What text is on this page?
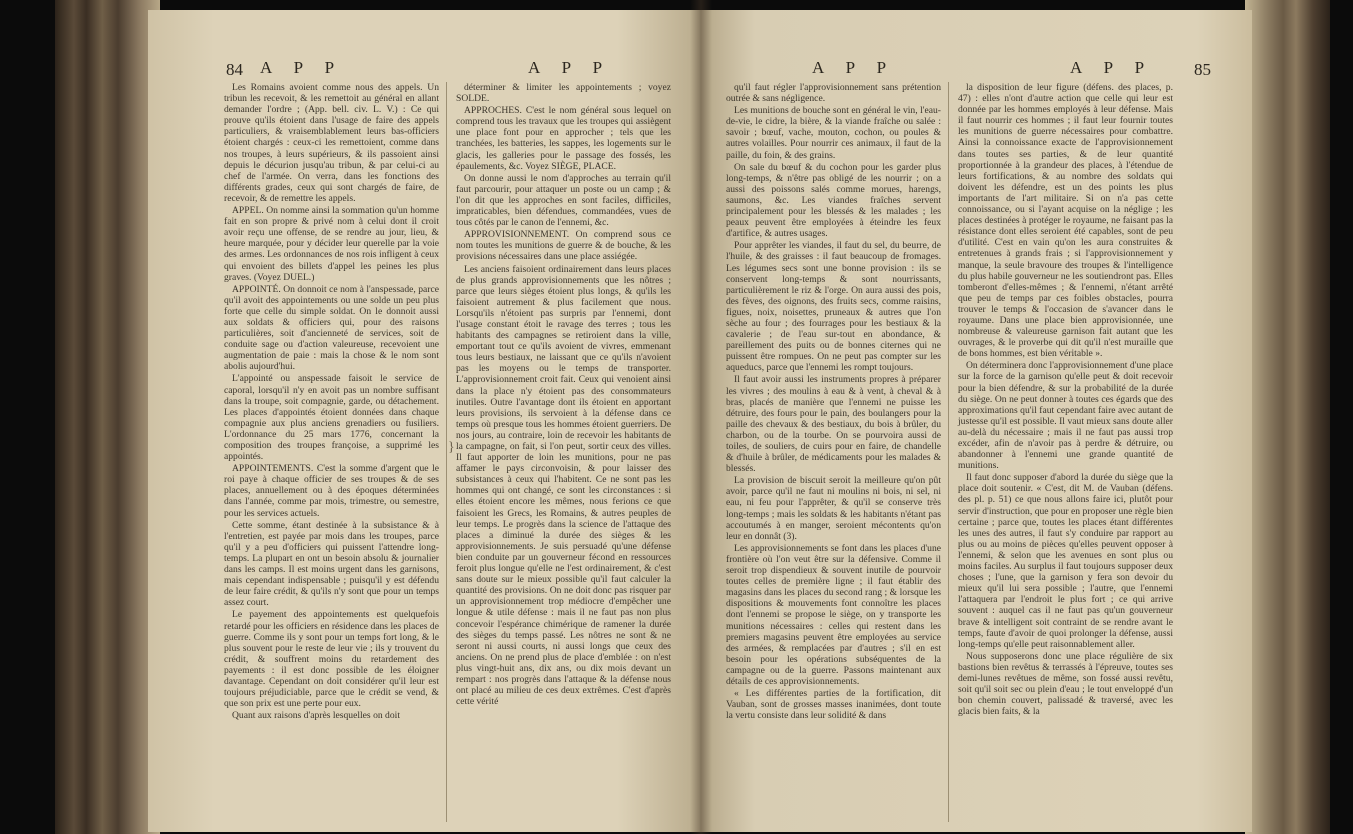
84 A P P	A P P

Les Romains avoient comme nous des appels. Un tribun les recevoit, & les remettoit au général en allant demander l'ordre ; (App. bell. civ. L. V.) : Ce qui prouve qu'ils étoient dans l'usage de faire des appels particuliers, & vraisemblablement leurs bas-officiers étoient chargés : ceux-ci les remettoient, comme dans nos troupes, à leurs supérieurs, & ils passoient ainsi depuis le décurion jusqu'au tribun, & par celui-ci au chef de l'armée. On verra, dans les fonctions des différents grades, ceux qui sont chargés de faire, de recevoir, & de remettre les appels.

APPEL. On nomme ainsi la sommation qu'un homme fait en son propre & privé nom à celui dont il croit avoir reçu une offense, de se rendre au jour, lieu, & heure marquée, pour y décider leur querelle par la voie des armes. Les ordonnances de nos rois infligent à ceux qui envoient des billets d'appel les peines les plus graves. (Voyez DUEL.)

APPOINTÉ. On donnoit ce nom à l'anspessade, parce qu'il avoit des appointements ou une solde un peu plus forte que celle du simple soldat. On le donnoit aussi aux soldats & officiers qui, pour des raisons particulières, soit d'ancienneté de services, soit de conduite sage ou d'action valeureuse, recevoient une augmentation de paie : mais la chose & le nom sont abolis aujourd'hui.

L'appointé ou anspessade faisoit le service de caporal, lorsqu'il n'y en avoit pas un nombre suffisant dans la troupe, soit compagnie, garde, ou détachement. Les places d'appointés étoient données dans chaque compagnie aux plus anciens grenadiers ou fusiliers. L'ordonnance du 25 mars 1776, concernant la composition des troupes françoise, a supprimé les appointés.

APPOINTEMENTS. C'est la somme d'argent que le roi paye à chaque officier de ses troupes & de ses places, annuellement ou à des époques déterminées dans l'année, comme par mois, trimestre, ou semestre, pour les services actuels.

Cette somme, étant destinée à la subsistance & à l'entretien, est payée par mois dans les troupes, parce qu'il y a peu d'officiers qui puissent l'attendre long-temps. La plupart en ont un besoin absolu & journalier dans les camps. Il est moins urgent dans les garnisons, mais cependant indispensable ; puisqu'il y est défendu de leur faire crédit, & qu'ils n'y sont que pour un temps assez court.

Le payement des appointements est quelquefois retardé pour les officiers en résidence dans les places de guerre. Comme ils y sont pour un temps fort long, & le plus souvent pour le reste de leur vie ; ils y trouvent du crédit, & souffrent moins du retardement des payements : il est donc possible de les éloigner davantage. Cependant on doit considérer qu'il leur est toujours préjudiciable, parce que le crédit se vend, & que son prix est une perte pour eux.

Quant aux raisons d'après lesquelles on doit

}

déterminer & limiter les appointements ; voyez SOLDE.

APPROCHES. C'est le nom général sous lequel on comprend tous les travaux que les troupes qui assiègent une place font pour en approcher ; tels que les tranchées, les batteries, les sappes, les logements sur le glacis, les galleries pour le passage des fossés, les épaulements, &c. Voyez SIÈGE, PLACE.

On donne aussi le nom d'approches au terrain qu'il faut parcourir, pour attaquer un poste ou un camp ; & l'on dit que les approches en sont faciles, difficiles, impraticables, bien défendues, commandées, vues de tous côtés par le canon de l'ennemi, &c.

APPROVISIONNEMENT. On comprend sous ce nom toutes les munitions de guerre & de bouche, & les provisions nécessaires dans une place assiégée.

Les anciens faisoient ordinairement dans leurs places de plus grands approvisionnements que les nôtres ; parce que leurs sièges étoient plus longs, & qu'ils les faisoient autrement & plus facilement que nous. Lorsqu'ils n'étoient pas surpris par l'ennemi, dont l'usage constant étoit le ravage des terres ; tous les habitants des campagnes se retiroient dans la ville, emportant tout ce qu'ils avoient de vivres, emmenant tous leurs bestiaux, ne laissant que ce qu'ils n'avoient pas les moyens ou le temps de transporter. L'approvisionnement croit fait. Ceux qui venoient ainsi dans la place n'y étoient pas des consommateurs inutiles. Outre l'avantage dont ils étoient en apportant leurs provisions, ils servoient à la défense dans ce temps où presque tous les hommes étoient guerriers. De nos jours, au contraire, loin de recevoir les habitants de la campagne, on fait, si l'on peut, sortir ceux des villes. Il faut apporter de loin les munitions, pour ne pas affamer le pays circonvoisin, & pour laisser des subsistances à ceux qui l'habitent. Ce ne sont pas les hommes qui ont changé, ce sont les circonstances : si elles étoient encore les mêmes, nous ferions ce que faisoient les Grecs, les Romains, & autres peuples de leur temps. Le progrès dans la science de l'attaque des places a diminué la durée des sièges & les approvisionnements. Je suis persuadé qu'une défense bien conduite par un gouverneur fécond en ressources feroit plus longue qu'elle ne l'est ordinairement, & c'est sans doute sur le mieux possible qu'il faut calculer la quantité des provisions. On ne doit donc pas risquer par un approvisionnement trop médiocre d'empêcher une longue & utile défense : mais il ne faut pas non plus concevoir l'espérance chimérique de ramener la durée des sièges du temps passé. Les nôtres ne sont & ne seront ni aussi courts, ni aussi longs que ceux des anciens. On ne prend plus de place d'emblée : on n'est plus vingt-huit ans, dix ans, ou dix mois devant un rempart : nos progrès dans l'attaque & la défense nous ont placé au milieu de ces deux extrêmes. C'est d'après cette vérité

A P P	A P P 85

qu'il faut régler l'approvisionnement sans prétention outrée & sans négligence.

Les munitions de bouche sont en général le vin, l'eau-de-vie, le cidre, la bière, & la viande fraîche ou salée : savoir ; bœuf, vache, mouton, cochon, ou poules & autres volailles. Pour nourrir ces animaux, il faut de la paille, du foin, & des grains.

On sale du bœuf & du cochon pour les garder plus long-temps, & n'être pas obligé de les nourrir ; on a aussi des poissons salés comme morues, harengs, saumons, &c. Les viandes fraîches servent principalement pour les blessés & les malades ; les peaux peuvent être employées à éteindre les feux d'artifice, & autres usages.

Pour apprêter les viandes, il faut du sel, du beurre, de l'huile, & des graisses : il faut beaucoup de fromages. Les légumes secs sont une bonne provision : ils se conservent long-temps & sont nourrissants, particulièrement le riz & l'orge. On aura aussi des pois, des fèves, des oignons, des fruits secs, comme raisins, figues, noix, noisettes, pruneaux & autres que l'on sèche au four ; des fourrages pour les bestiaux & la cavalerie ; de l'eau sur-tout en abondance, & pareillement des puits ou de bonnes citernes qui ne puissent être rompues. On ne peut pas compter sur les aqueducs, parce que l'ennemi les rompt toujours.

Il faut avoir aussi les instruments propres à préparer les vivres ; des moulins à eau & à vent, à cheval & à bras, placés de manière que l'ennemi ne puisse les détruire, des fours pour le pain, des boulangers pour la paille des chevaux & des bestiaux, du bois à brûler, du charbon, ou de la tourbe. On se pourvoira aussi de toiles, de souliers, de cuirs pour en faire, de chandelle & d'huile à brûler, de médicaments pour les malades & blessés.

La provision de biscuit seroit la meilleure qu'on pût avoir, parce qu'il ne faut ni moulins ni bois, ni sel, ni eau, ni feu pour l'apprêter, & qu'il se conserve très long-temps ; mais les soldats & les habitants n'étant pas accoutumés à en manger, seroient mécontents qu'on leur en donnât (3).

Les approvisionnements se font dans les places d'une frontière où l'on veut être sur la défensive. Comme il seroit trop dispendieux & souvent inutile de pourvoir toutes celles de première ligne ; il faut établir des magasins dans les places du second rang ; & lorsque les dispositions & mouvements font connoître les places dont l'ennemi se propose le siège, on y transporte les munitions nécessaires : celles qui restent dans les premiers magasins peuvent être employées au service des armées, & remplacées par d'autres ; s'il en est besoin pour les opérations subséquentes de la campagne ou de la guerre. Passons maintenant aux détails de ces approvisionnements.

« Les différentes parties de la fortification, dit Vauban, sont de grosses masses inanimées, dont toute la vertu consiste dans leur solidité & dans

la disposition de leur figure (défens. des places, p. 47) : elles n'ont d'autre action que celle qui leur est donnée par les hommes employés à leur défense. Mais il faut nourrir ces hommes ; il faut leur fournir toutes les munitions de guerre nécessaires pour combattre. Ainsi la connoissance exacte de l'approvisionnement dans toutes ses parties, & de leur quantité proportionnée à la grandeur des places, à l'étendue de leurs fortifications, & au nombre des soldats qui doivent les défendre, est un des points les plus importants de l'art militaire. Si on n'a pas cette connoissance, ou si l'ayant acquise on la néglige ; les places destinées à protéger le royaume, ne faisant pas la résistance dont elles seroient été capables, sont de peu d'utilité. C'est en vain qu'on les aura construites & entretenues à grands frais ; si l'approvisionnement y manque, la seule bravoure des troupes & l'intelligence du plus habile gouverneur ne les soutiendront pas. Elles tomberont d'elles-mêmes ; & l'ennemi, n'étant arrêté que peu de temps par ces foibles obstacles, pourra trouver le temps & l'occasion de s'avancer dans le royaume. Dans une place bien approvisionnée, une nombreuse & valeureuse garnison fait autant que les ouvrages, & le proverbe qui dit qu'il n'est muraille que de bons hommes, est bien véritable ».

On déterminera donc l'approvisionnement d'une place sur la force de la garnison qu'elle peut & doit recevoir pour la bien défendre, & sur la probabilité de la durée du siège. On ne peut donner à toutes ces égards que des approximations qu'il faut cependant faire avec autant de justesse qu'il est possible. Il vaut mieux sans doute aller au-delà du nécessaire ; mais il ne faut pas aussi trop excéder, afin de n'avoir pas à perdre & détruire, ou abandonner à l'ennemi une grande quantité de munitions.

Il faut donc supposer d'abord la durée du siège que la place doit soutenir. « C'est, dit M. de Vauban (défens. des pl. p. 51) ce que nous allons faire ici, plutôt pour servir d'instruction, que pour en proposer une règle bien certaine ; parce que, toutes les places étant différentes les unes des autres, il faut s'y conduire par rapport au plus ou au moins de pièces qu'elles peuvent opposer à l'ennemi, & selon que les avenues en sont plus ou moins faciles. Au surplus il faut toujours supposer deux choses ; l'une, que la garnison y fera son devoir du mieux qu'il lui sera possible ; l'autre, que l'ennemi l'attaquera par l'endroit le plus fort ; ce qui arrive souvent : auquel cas il ne faut pas qu'un gouverneur brave & intelligent soit contraint de se rendre avant le temps, faute d'avoir de quoi prolonger la défense, aussi long-temps qu'elle peut raisonnablement aller.

Nous supposerons donc une place régulière de six bastions bien revêtus & terrassés à l'épreuve, toutes ses demi-lunes revêtues de même, son fossé aussi revêtu, soit qu'il soit sec ou plein d'eau ; le tout enveloppé d'un bon chemin couvert, palissadé & traversé, avec les glacis bien faits, & la
